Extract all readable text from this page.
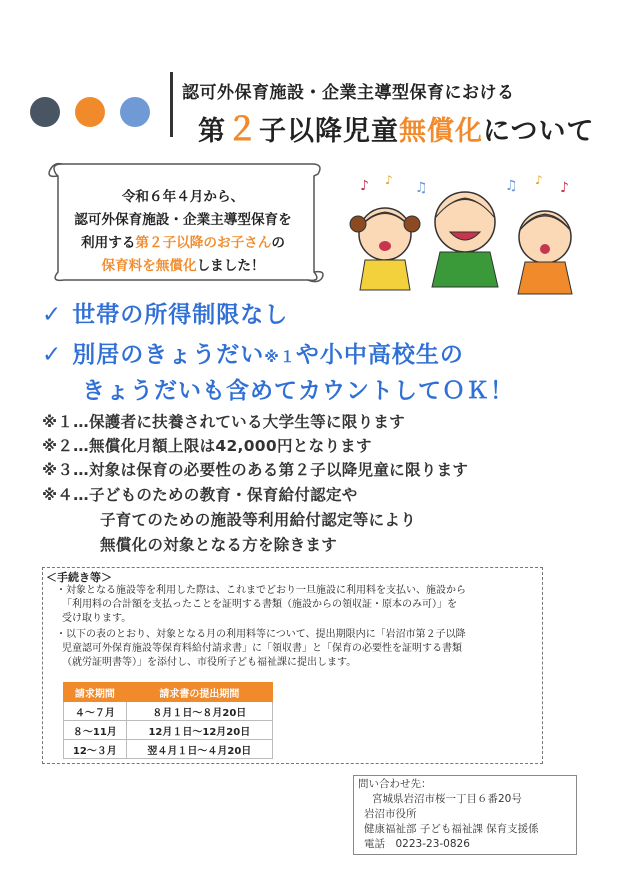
認可外保育施設・企業主導型保育における
第２子以降児童無償化について
令和６年４月から、
認可外保育施設・企業主導型保育を
利用する第２子以降のお子さんの
保育料を無償化しました！
♪ ♪ ♫	♫ ♪ ♪
✓ 世帯の所得制限なし
✓ 別居のきょうだい※１や小中高校生の
きょうだいも含めてカウントしてＯＫ！
※１…保護者に扶養されている大学生等に限ります
※２…無償化月額上限は42,000円となります
※３…対象は保育の必要性のある第２子以降児童に限ります
※４…子どものための教育・保育給付認定や
子育てのための施設等利用給付認定等により
無償化の対象となる方を除きます
＜手続き等＞
・対象となる施設等を利用した際は、これまでどおり一旦施設に利用料を支払い、施設から
「利用料の合計額を支払ったことを証明する書類（施設からの領収証・原本のみ可）」を
受け取ります。
・以下の表のとおり、対象となる月の利用料等について、提出期限内に「岩沼市第２子以降
児童認可外保育施設等保育料給付請求書」に「領収書」と「保育の必要性を証明する書類
（就労証明書等）」を添付し、市役所子ども福祉課に提出します。
請求期間	請求書の提出期間
４～７月	８月１日～８月20日
８～11月	12月１日～12月20日
12～３月	翌４月１日～４月20日
問い合わせ先：
宮城県岩沼市桜一丁目６番20号
岩沼市役所
健康福祉部 子ども福祉課 保育支援係
電話　0223-23-0826
